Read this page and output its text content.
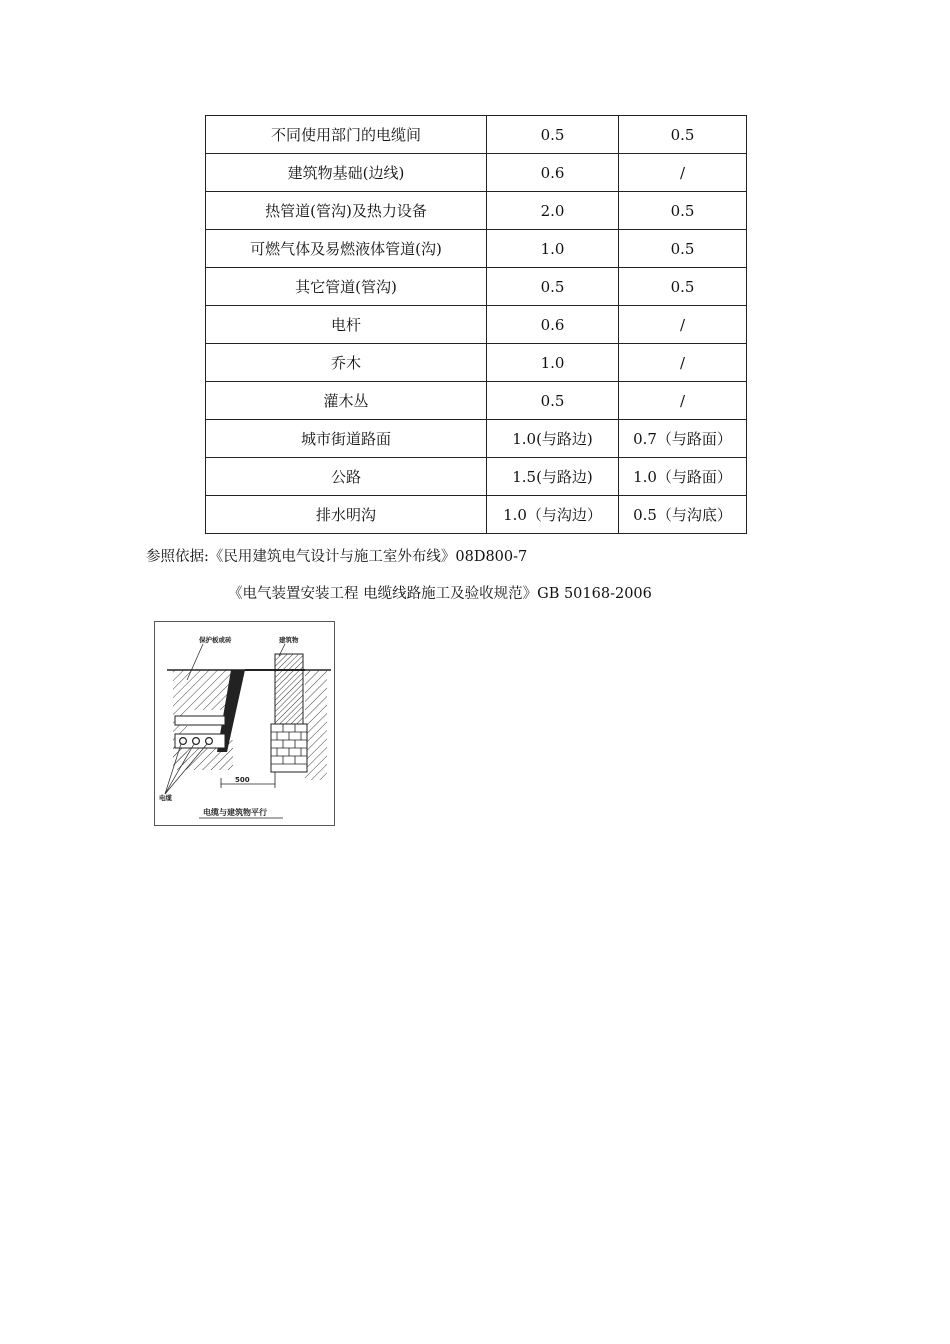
不同使用部门的电缆间	0.5	0.5
建筑物基础(边线)	0.6	/
热管道(管沟)及热力设备	2.0	0.5
可燃气体及易燃液体管道(沟)	1.0	0.5
其它管道(管沟)	0.5	0.5
电杆	0.6	/
乔木	1.0	/
灌木丛	0.5	/
城市街道路面	1.0(与路边)	0.7（与路面）
公路	1.5(与路边)	1.0（与路面）
排水明沟	1.0（与沟边）	0.5（与沟底）
参照依据:《民用建筑电气设计与施工室外布线》08D800-7
《电气装置安装工程 电缆线路施工及验收规范》GB 50168-2006
500
保护板或砖	建筑物
电缆
电缆与建筑物平行
